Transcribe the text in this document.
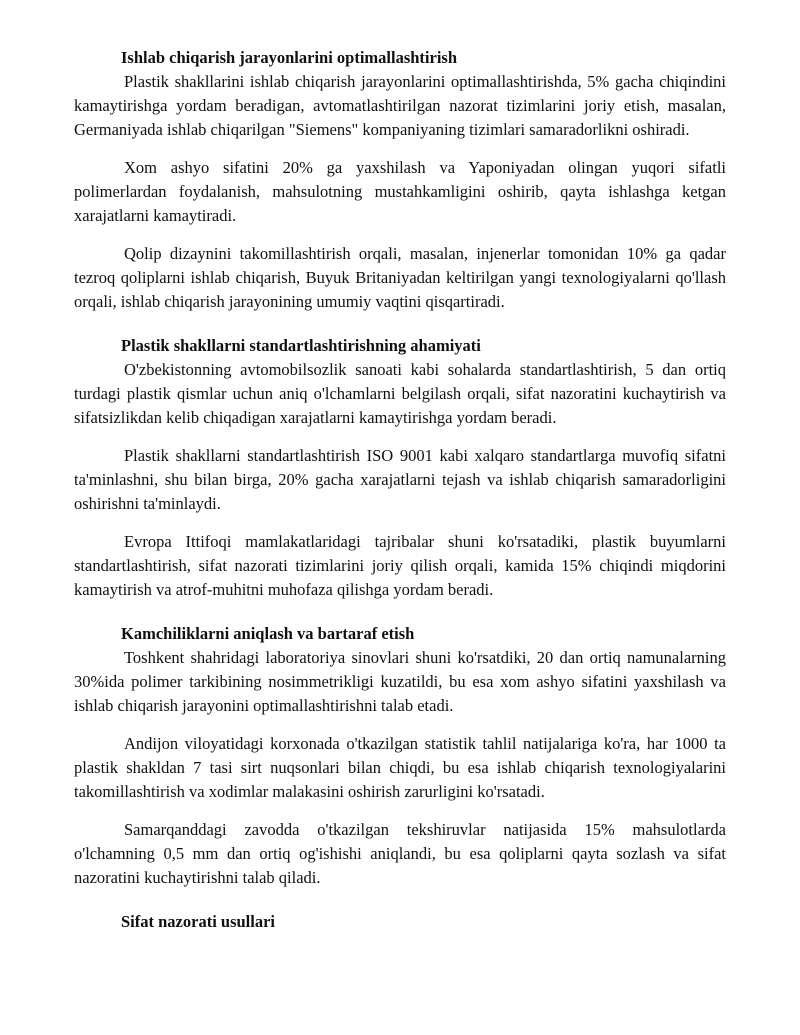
Ishlab chiqarish jarayonlarini optimallashtirish

Plastik shakllarini ishlab chiqarish jarayonlarini optimallashtirishda, 5% gacha chiqindini kamaytirishga yordam beradigan, avtomatlashtirilgan nazorat tizimlarini joriy etish, masalan, Germaniyada ishlab chiqarilgan "Siemens" kompaniyaning tizimlari samaradorlikni oshiradi.

Xom ashyo sifatini 20% ga yaxshilash va Yaponiyadan olingan yuqori sifatli polimerlardan foydalanish, mahsulotning mustahkamligini oshirib, qayta ishlashga ketgan xarajatlarni kamaytiradi.

Qolip dizaynini takomillashtirish orqali, masalan, injenerlar tomonidan 10% ga qadar tezroq qoliplarni ishlab chiqarish, Buyuk Britaniyadan keltirilgan yangi texnologiyalarni qo'llash orqali, ishlab chiqarish jarayonining umumiy vaqtini qisqartiradi.

Plastik shakllarni standartlashtirishning ahamiyati

O'zbekistonning avtomobilsozlik sanoati kabi sohalarda standartlashtirish, 5 dan ortiq turdagi plastik qismlar uchun aniq o'lchamlarni belgilash orqali, sifat nazoratini kuchaytirish va sifatsizlikdan kelib chiqadigan xarajatlarni kamaytirishga yordam beradi.

Plastik shakllarni standartlashtirish ISO 9001 kabi xalqaro standartlarga muvofiq sifatni ta'minlashni, shu bilan birga, 20% gacha xarajatlarni tejash va ishlab chiqarish samaradorligini oshirishni ta'minlaydi.

Evropa Ittifoqi mamlakatlaridagi tajribalar shuni ko'rsatadiki, plastik buyumlarni standartlashtirish, sifat nazorati tizimlarini joriy qilish orqali, kamida 15% chiqindi miqdorini kamaytirish va atrof-muhitni muhofaza qilishga yordam beradi.

Kamchiliklarni aniqlash va bartaraf etish

Toshkent shahridagi laboratoriya sinovlari shuni ko'rsatdiki, 20 dan ortiq namunalarning 30%ida polimer tarkibining nosimmetrikligi kuzatildi, bu esa xom ashyo sifatini yaxshilash va ishlab chiqarish jarayonini optimallashtirishni talab etadi.

Andijon viloyatidagi korxonada o'tkazilgan statistik tahlil natijalariga ko'ra, har 1000 ta plastik shakldan 7 tasi sirt nuqsonlari bilan chiqdi, bu esa ishlab chiqarish texnologiyalarini takomillashtirish va xodimlar malakasini oshirish zarurligini ko'rsatadi.

Samarqanddagi zavodda o'tkazilgan tekshiruvlar natijasida 15% mahsulotlarda o'lchamning 0,5 mm dan ortiq og'ishishi aniqlandi, bu esa qoliplarni qayta sozlash va sifat nazoratini kuchaytirishni talab qiladi.

Sifat nazorati usullari
